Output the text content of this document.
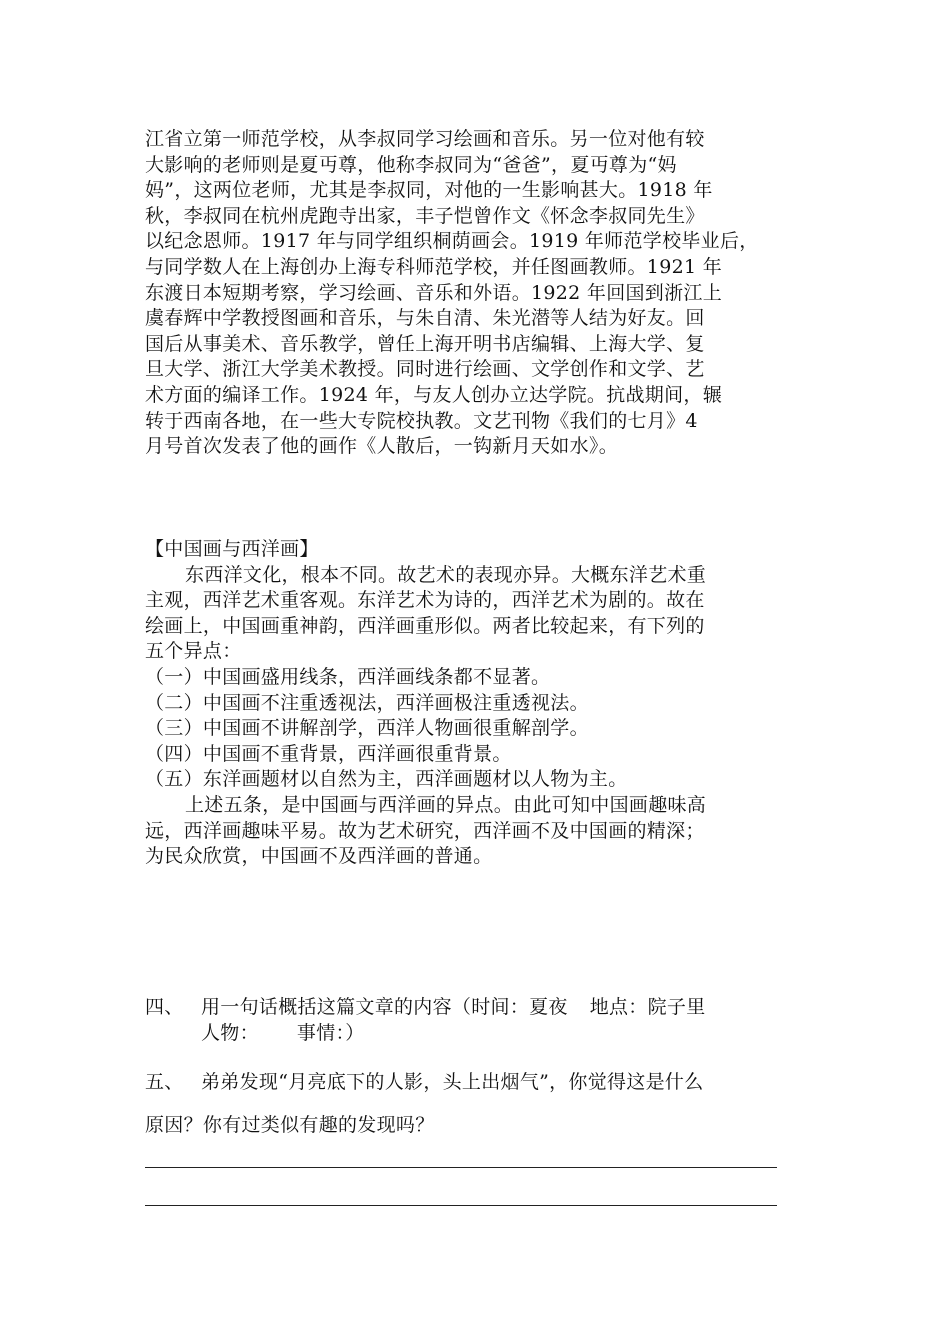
江省立第一师范学校，从李叔同学习绘画和音乐。另一位对他有较
大影响的老师则是夏丏尊，他称李叔同为“爸爸”，夏丏尊为“妈
妈”，这两位老师，尤其是李叔同，对他的一生影响甚大。1918 年
秋，李叔同在杭州虎跑寺出家，丰子恺曾作文《怀念李叔同先生》
以纪念恩师。1917 年与同学组织桐荫画会。1919 年师范学校毕业后，
与同学数人在上海创办上海专科师范学校，并任图画教师。1921 年
东渡日本短期考察，学习绘画、音乐和外语。1922 年回国到浙江上
虞春辉中学教授图画和音乐，与朱自清、朱光潜等人结为好友。回
国后从事美术、音乐教学，曾任上海开明书店编辑、上海大学、复
旦大学、浙江大学美术教授。同时进行绘画、文学创作和文学、艺
术方面的编译工作。1924 年，与友人创办立达学院。抗战期间，辗
转于西南各地，在一些大专院校执教。文艺刊物《我们的七月》4
月号首次发表了他的画作《人散后，一钩新月天如水》。
【中国画与西洋画】
东西洋文化，根本不同。故艺术的表现亦异。大概东洋艺术重
主观，西洋艺术重客观。东洋艺术为诗的，西洋艺术为剧的。故在
绘画上，中国画重神韵，西洋画重形似。两者比较起来，有下列的
五个异点：
（一）中国画盛用线条，西洋画线条都不显著。
（二）中国画不注重透视法，西洋画极注重透视法。
（三）中国画不讲解剖学，西洋人物画很重解剖学。
（四）中国画不重背景，西洋画很重背景。
（五）东洋画题材以自然为主，西洋画题材以人物为主。
上述五条，是中国画与西洋画的异点。由此可知中国画趣味高
远，西洋画趣味平易。故为艺术研究，西洋画不及中国画的精深；
为民众欣赏，中国画不及西洋画的普通。
四、 用一句话概括这篇文章的内容（时间：夏夜 地点：院子里
人物： 事情：）
五、 弟弟发现“月亮底下的人影，头上出烟气”，你觉得这是什么
原因？你有过类似有趣的发现吗？
